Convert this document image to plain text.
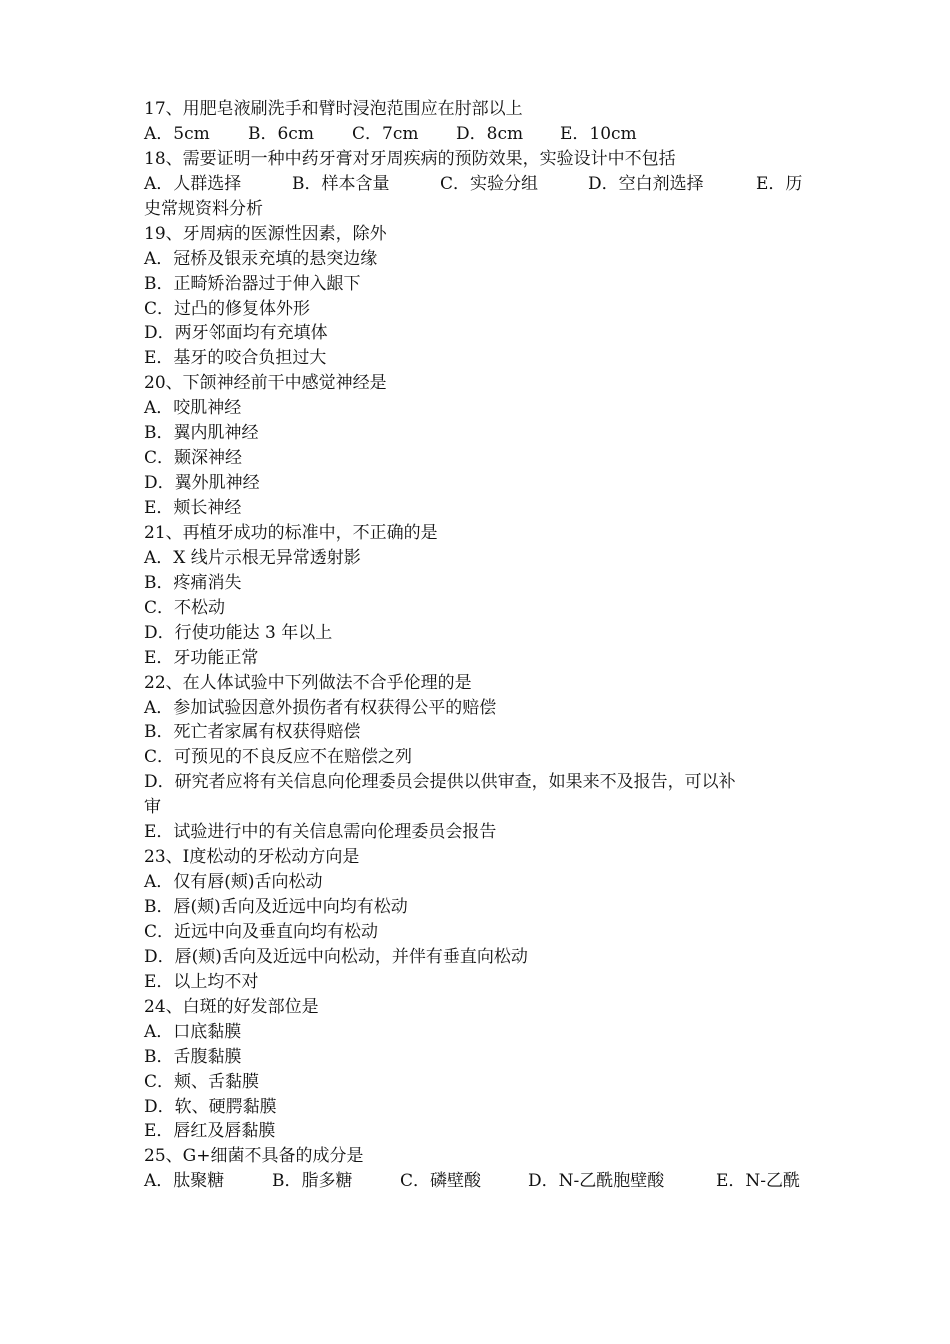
17、用肥皂液刷洗手和臂时浸泡范围应在肘部以上
A．5cm	B．6cm	C．7cm	D．8cm	E．10cm
18、需要证明一种中药牙膏对牙周疾病的预防效果，实验设计中不包括
A．人群选择	B．样本含量	C．实验分组	D．空白剂选择	E．历
史常规资料分析
19、牙周病的医源性因素，除外
A．冠桥及银汞充填的悬突边缘
B．正畸矫治器过于伸入龈下
C．过凸的修复体外形
D．两牙邻面均有充填体
E．基牙的咬合负担过大
20、下颌神经前干中感觉神经是
A．咬肌神经
B．翼内肌神经
C．颞深神经
D．翼外肌神经
E．颊长神经
21、再植牙成功的标准中，不正确的是
A．X 线片示根无异常透射影
B．疼痛消失
C．不松动
D．行使功能达 3 年以上
E．牙功能正常
22、在人体试验中下列做法不合乎伦理的是
A．参加试验因意外损伤者有权获得公平的赔偿
B．死亡者家属有权获得赔偿
C．可预见的不良反应不在赔偿之列
D．研究者应将有关信息向伦理委员会提供以供审查，如果来不及报告，可以补
审
E．试验进行中的有关信息需向伦理委员会报告
23、Ⅰ度松动的牙松动方向是
A．仅有唇(颊)舌向松动
B．唇(颊)舌向及近远中向均有松动
C．近远中向及垂直向均有松动
D．唇(颊)舌向及近远中向松动，并伴有垂直向松动
E．以上均不对
24、白斑的好发部位是
A．口底黏膜
B．舌腹黏膜
C．颊、舌黏膜
D．软、硬腭黏膜
E．唇红及唇黏膜
25、G+细菌不具备的成分是
A．肽聚糖	B．脂多糖	C．磷壁酸	D．N-乙酰胞壁酸	E．N-乙酰
